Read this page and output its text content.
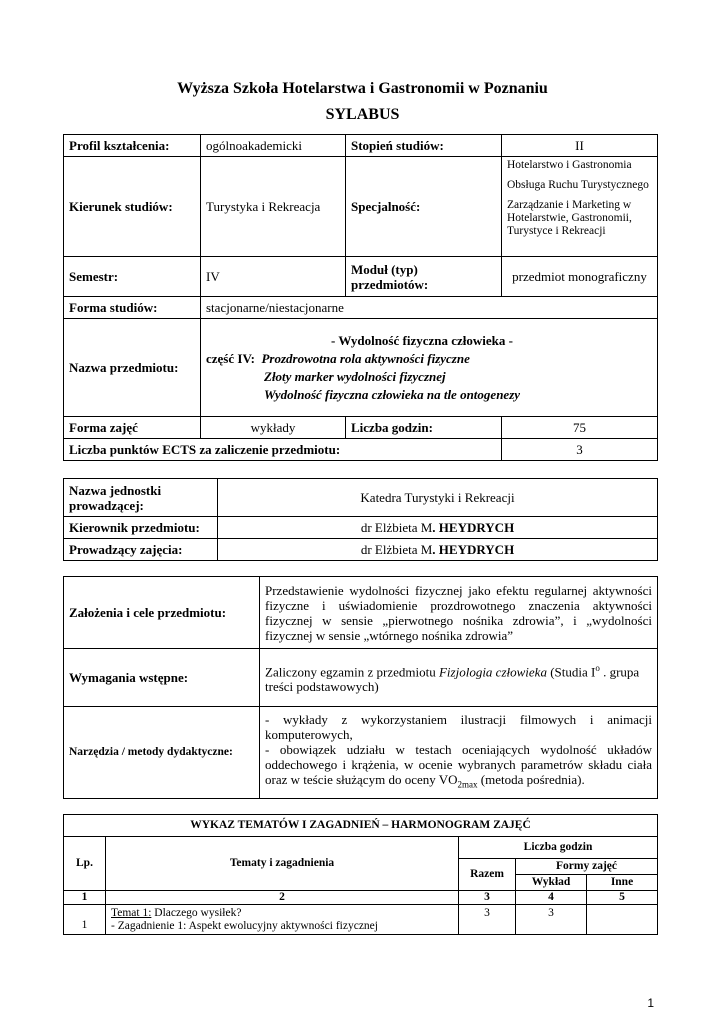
Wyższa Szkoła Hotelarstwa i Gastronomii w Poznaniu
SYLABUS
Profil kształcenia:	ogólnoakademicki	Stopień studiów:	II
Kierunek studiów:	Turystyka i Rekreacja	Specjalność:	Hotelarstwo i Gastronomia
Obsługa Ruchu Turystycznego
Zarządzanie i Marketing w Hotelarstwie, Gastronomii, Turystyce i Rekreacji

Semestr:	IV	Moduł (typ) przedmiotów:	przedmiot monograficzny
Forma studiów:	stacjonarne/niestacjonarne		
Nazwa przedmiotu:	- Wydolność fizyczna człowieka -
część IV: Prozdrowotna rola aktywności fizyczne
Złoty marker wydolności fizycznej
Wydolność fizyczna człowieka na tle ontogenezy		

Forma zajęć	wykłady	Liczba godzin:	75
Liczba punktów ECTS za zaliczenie przedmiotu:			3
Nazwa jednostki prowadzącej:	Katedra Turystyki i Rekreacji
Kierownik przedmiotu:	dr Elżbieta M. HEYDRYCH
Prowadzący zajęcia:	dr Elżbieta M. HEYDRYCH
Założenia i cele przedmiotu:	Przedstawienie wydolności fizycznej jako efektu regularnej aktywności fizyczne i uświadomienie prozdrowotnego znaczenia aktywności fizycznej w sensie „pierwotnego nośnika zdrowia”, i „wydolności fizycznej w sensie „wtórnego nośnika zdrowia”
Wymagania wstępne:	Zaliczony egzamin z przedmiotu Fizjologia człowieka (Studia $I^o$ . grupa treści podstawowych)
Narzędzia / metody dydaktyczne:	- wykłady z wykorzystaniem ilustracji filmowych i animacji komputerowych,
- obowiązek udziału w testach oceniających wydolność układów oddechowego i krążenia, w ocenie wybranych parametrów składu ciała oraz w teście służącym do oceny $VO_{2max}$ (metoda pośrednia).
WYKAZ TEMATÓW I ZAGADNIEŃ – HARMONOGRAM ZAJĘĆ				
Lp.	Tematy i zagadnienia	Liczba godzin		
		Razem	Formy zajęć	
			Wykład	Inne
1	2	3	4	5
1	Temat 1: Dlaczego wysiłek?
- Zagadnienie 1: Aspekt ewolucyjny aktywności fizycznej	3	3	
1
